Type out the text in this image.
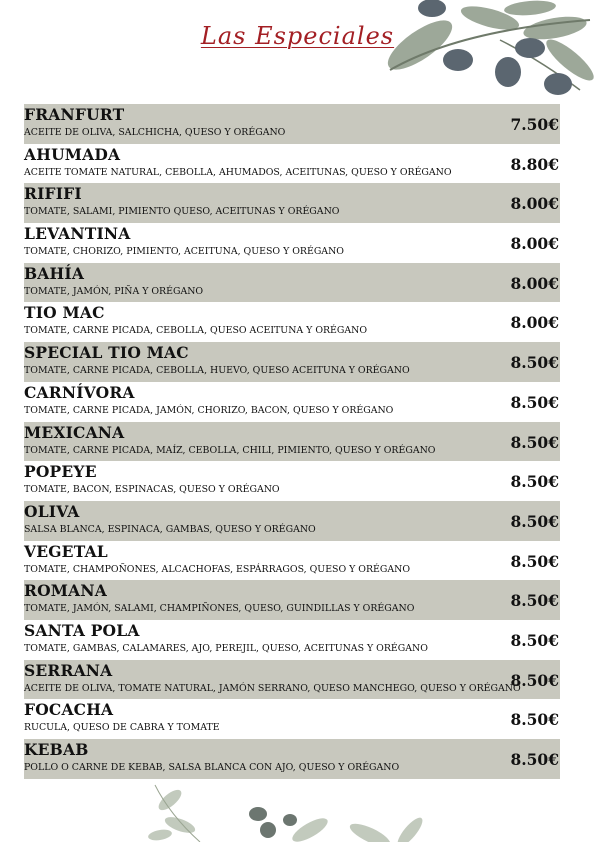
Las Especiales
FRANFURT
ACEITE DE OLIVA, SALCHICHA, QUESO Y ORÉGANO	7.50€
AHUMADA
ACEITE TOMATE NATURAL, CEBOLLA, AHUMADOS, ACEITUNAS, QUESO Y ORÉGANO	8.80€
RIFIFI
TOMATE, SALAMI, PIMIENTO QUESO, ACEITUNAS Y ORÉGANO	8.00€
LEVANTINA
TOMATE, CHORIZO, PIMIENTO, ACEITUNA, QUESO Y ORÉGANO	8.00€
BAHÍA
TOMATE, JAMÓN, PIÑA Y ORÉGANO	8.00€
TIO MAC
TOMATE, CARNE PICADA, CEBOLLA, QUESO ACEITUNA Y ORÉGANO	8.00€
SPECIAL TIO MAC
TOMATE, CARNE PICADA, CEBOLLA, HUEVO, QUESO ACEITUNA Y ORÉGANO	8.50€
CARNÍVORA
TOMATE, CARNE PICADA, JAMÓN, CHORIZO, BACON, QUESO Y ORÉGANO	8.50€
MEXICANA
TOMATE, CARNE PICADA, MAÍZ, CEBOLLA, CHILI, PIMIENTO, QUESO Y ORÉGANO	8.50€
POPEYE
TOMATE, BACON, ESPINACAS, QUESO Y ORÉGANO	8.50€
OLIVA
SALSA BLANCA, ESPINACA, GAMBAS, QUESO Y ORÉGANO	8.50€
VEGETAL
TOMATE, CHAMPOÑONES, ALCACHOFAS, ESPÁRRAGOS, QUESO Y ORÉGANO	8.50€
ROMANA
TOMATE, JAMÓN, SALAMI, CHAMPIÑONES, QUESO, GUINDILLAS Y ORÉGANO	8.50€
SANTA POLA
TOMATE, GAMBAS, CALAMARES, AJO, PEREJIL, QUESO, ACEITUNAS Y ORÉGANO	8.50€
SERRANA
ACEITE DE OLIVA, TOMATE NATURAL, JAMÓN SERRANO, QUESO MANCHEGO, QUESO Y ORÉGANO
8.50€
FOCACHA
RUCULA, QUESO DE CABRA Y TOMATE	8.50€
KEBAB
POLLO O CARNE DE KEBAB, SALSA BLANCA CON AJO, QUESO Y ORÉGANO	8.50€
